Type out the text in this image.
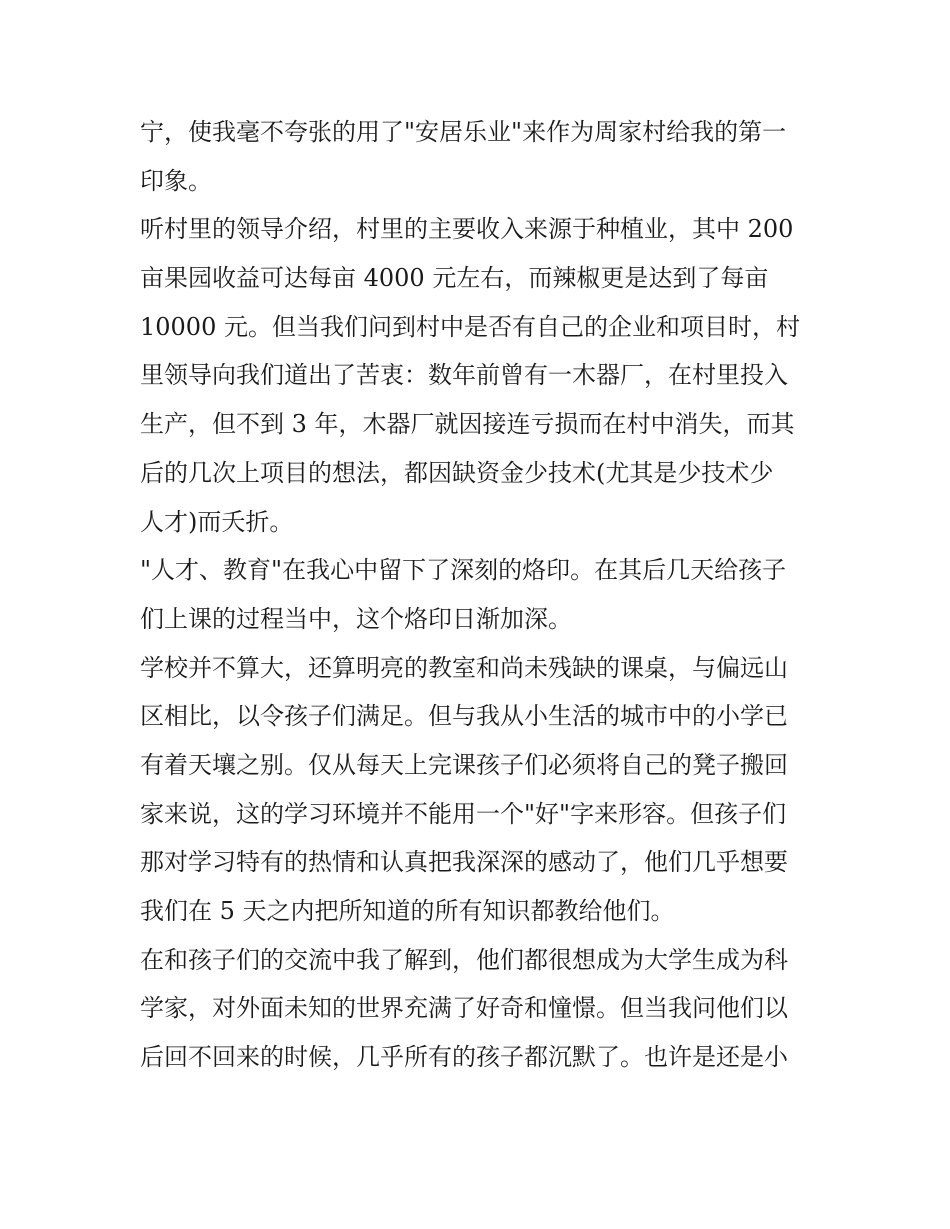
宁，使我毫不夸张的用了"安居乐业"来作为周家村给我的第一
印象。
听村里的领导介绍，村里的主要收入来源于种植业，其中 200
亩果园收益可达每亩 4000 元左右，而辣椒更是达到了每亩
10000 元。但当我们问到村中是否有自己的企业和项目时，村
里领导向我们道出了苦衷：数年前曾有一木器厂，在村里投入
生产，但不到 3 年，木器厂就因接连亏损而在村中消失，而其
后的几次上项目的想法，都因缺资金少技术(尤其是少技术少
人才)而夭折。
"人才、教育"在我心中留下了深刻的烙印。在其后几天给孩子
们上课的过程当中，这个烙印日渐加深。
学校并不算大，还算明亮的教室和尚未残缺的课桌，与偏远山
区相比，以令孩子们满足。但与我从小生活的城市中的小学已
有着天壤之别。仅从每天上完课孩子们必须将自己的凳子搬回
家来说，这的学习环境并不能用一个"好"字来形容。但孩子们
那对学习特有的热情和认真把我深深的感动了，他们几乎想要
我们在 5 天之内把所知道的所有知识都教给他们。
在和孩子们的交流中我了解到，他们都很想成为大学生成为科
学家，对外面未知的世界充满了好奇和憧憬。但当我问他们以
后回不回来的时候，几乎所有的孩子都沉默了。也许是还是小
